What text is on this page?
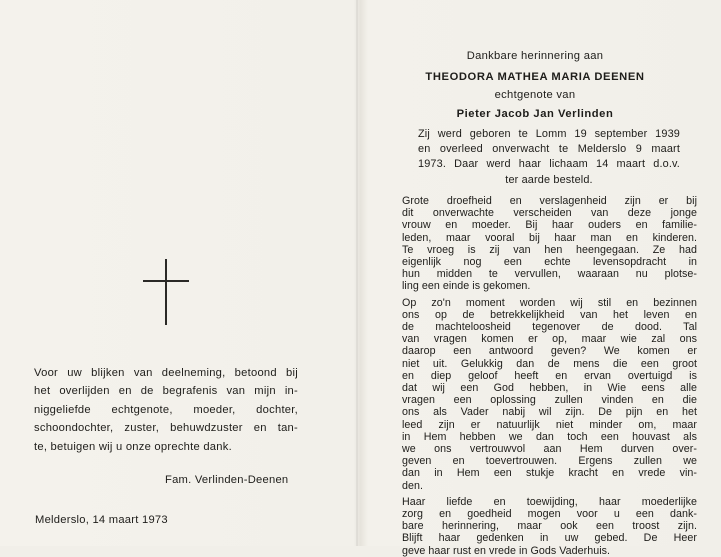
Voor uw blijken van deelneming, betoond bij

het overlijden en de begrafenis van mijn in-

niggeliefde echtgenote, moeder, dochter,

schoondochter, zuster, behuwdzuster en tan-

te, betuigen wij u onze oprechte dank.

Fam. Verlinden-Deenen
Melderslo, 14 maart 1973
Dankbare herinnering aan
THEODORA MATHEA MARIA DEENEN
echtgenote van
Pieter Jacob Jan Verlinden

Zij werd geboren te Lomm 19 september 1939

en overleed onverwacht te Melderslo 9 maart

1973. Daar werd haar lichaam 14 maart d.o.v.

ter aarde besteld.

Grote droefheid en verslagenheid zijn er bij

dit onverwachte verscheiden van deze jonge

vrouw en moeder. Bij haar ouders en familie-

leden, maar vooral bij haar man en kinderen.

Te vroeg is zij van hen heengegaan. Ze had

eigenlijk nog een echte levensopdracht in

hun midden te vervullen, waaraan nu plotse-

ling een einde is gekomen.

Op zo'n moment worden wij stil en bezinnen

ons op de betrekkelijkheid van het leven en

de machteloosheid tegenover de dood. Tal

van vragen komen er op, maar wie zal ons

daarop een antwoord geven? We komen er

niet uit. Gelukkig dan de mens die een groot

en diep geloof heeft en ervan overtuigd is

dat wij een God hebben, in Wie eens alle

vragen een oplossing zullen vinden en die

ons als Vader nabij wil zijn. De pijn en het

leed zijn er natuurlijk niet minder om, maar

in Hem hebben we dan toch een houvast als

we ons vertrouwvol aan Hem durven over-

geven en toevertrouwen. Ergens zullen we

dan in Hem een stukje kracht en vrede vin-

den.

Haar liefde en toewijding, haar moederlijke

zorg en goedheid mogen voor u een dank-

bare herinnering, maar ook een troost zijn.

Blijft haar gedenken in uw gebed. De Heer

geve haar rust en vrede in Gods Vaderhuis.
